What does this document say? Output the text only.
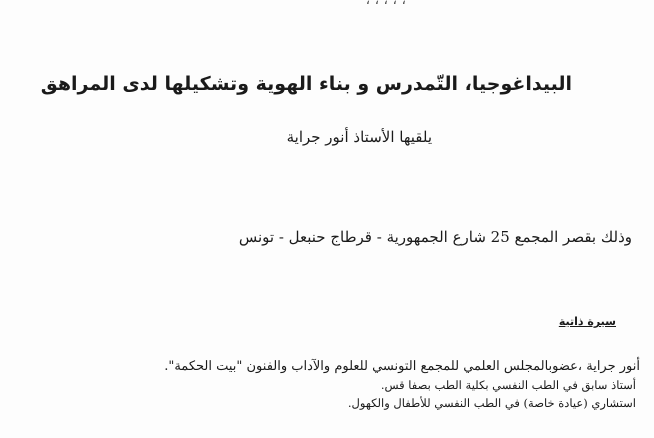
، ، ، ، ،
البيداغوجيا، التّمدرس و بناء الهوية وتشكيلها لدى المراهق
يلقيها الأستاذ أنور جراية
وذلك بقصر المجمع 25 شارع الجمهورية - قرطاج حنبعل - تونس
سيرة ذاتية
أنور جراية ،عضوبالمجلس العلمي للمجمع التونسي للعلوم والآداب والفنون "بيت الحكمة".
أستاذ سابق في الطب النفسي بكلية الطب بصفا قس.
استشاري (عيادة خاصة) في الطب النفسي للأطفال والكهول.
